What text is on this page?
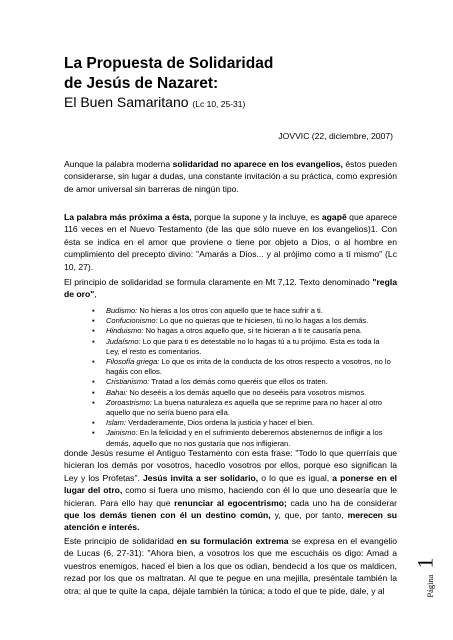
La Propuesta de Solidaridad
de Jesús de Nazaret:
El Buen Samaritano (Lc 10, 25-31)
JOVVIC (22, diciembre, 2007)
Aunque la palabra moderna solidaridad no aparece en los evangelios, éstos pueden considerarse, sin lugar a dudas, una constante invitación a su práctica, como expresión de amor universal sin barreras de ningún tipo.
La palabra más próxima a ésta, porque la supone y la incluye, es agapê que aparece 116 veces en el Nuevo Testamento (de las que sólo nueve en los evangelios)1. Con ésta se indica en el amor que proviene o tiene por objeto a Dios, o al hombre en cumplimiento del precepto divino: "Amarás a Dios... y al prójimo como a tí mismo" (Lc 10, 27).
El principio de solidaridad se formula claramente en Mt 7,12. Texto denominado "regla de oro",
▪ Budismo: No hieras a los otros con aquello que te hace sufrir a ti.
▪ Confucionismo: Lo que no quieras que te hiciesen, tú no lo hagas a los demás.
▪ Hinduismo: No hagas a otros aquello que, si te hicieran a ti te causaría pena.
▪ Judaísmo: Lo que para ti es detestable no lo hagas tú a tu prójimo. Esta es toda la Ley, el resto es comentarios.
▪ Filosofía griega: Lo que os irrita de la conducta de los otros respecto a vosotros, no lo hagáis con ellos.
▪ Cristianismo: Tratad a los demás como queréis que ellos os traten.
▪ Bahai: No deseéis a los demás aquello que no deseéis para vosotros mismos.
▪ Zoroastrismo: La buena naturaleza es aquella que se reprime para no hacer al otro aquello que no sería bueno para ella.
▪ Islam: Verdaderamente, Dios ordena la justicia y hacer el bien.
▪ Jainismo: En la felicidad y en el sufrimiento deberemos abstenernos de infligir a los demás, aquello que no nos gustaría que nos infligieran.
donde Jesús resume el Antiguo Testamento con esta frase: "Todo lo que querríais que hicieran los demás por vosotros, hacedlo vosotros por ellos, porque eso significan la Ley y los Profetas". Jesús invita a ser solidario, o lo que es igual, a ponerse en el lugar del otro, como si fuera uno mismo, haciendo con él lo que uno desearía que le hicieran. Para ello hay que renunciar al egocentrismo; cada uno ha de considerar que los demás tienen con él un destino común, y, que, por tanto, merecen su atención e interés.
Este principio de solidaridad en su formulación extrema se expresa en el evangelio de Lucas (6, 27-31): "Ahora bien, a vosotros los que me escucháis os digo: Amad a vuestros enemigos, haced el bien a los que os odian, bendecid a los que os maldicen, rezad por los que os maltratan. Al que te pegue en una mejilla, preséntale también la otra; al que te quite la capa, déjale también la túnica; a todo el que te pide, dale, y al	Página
1
